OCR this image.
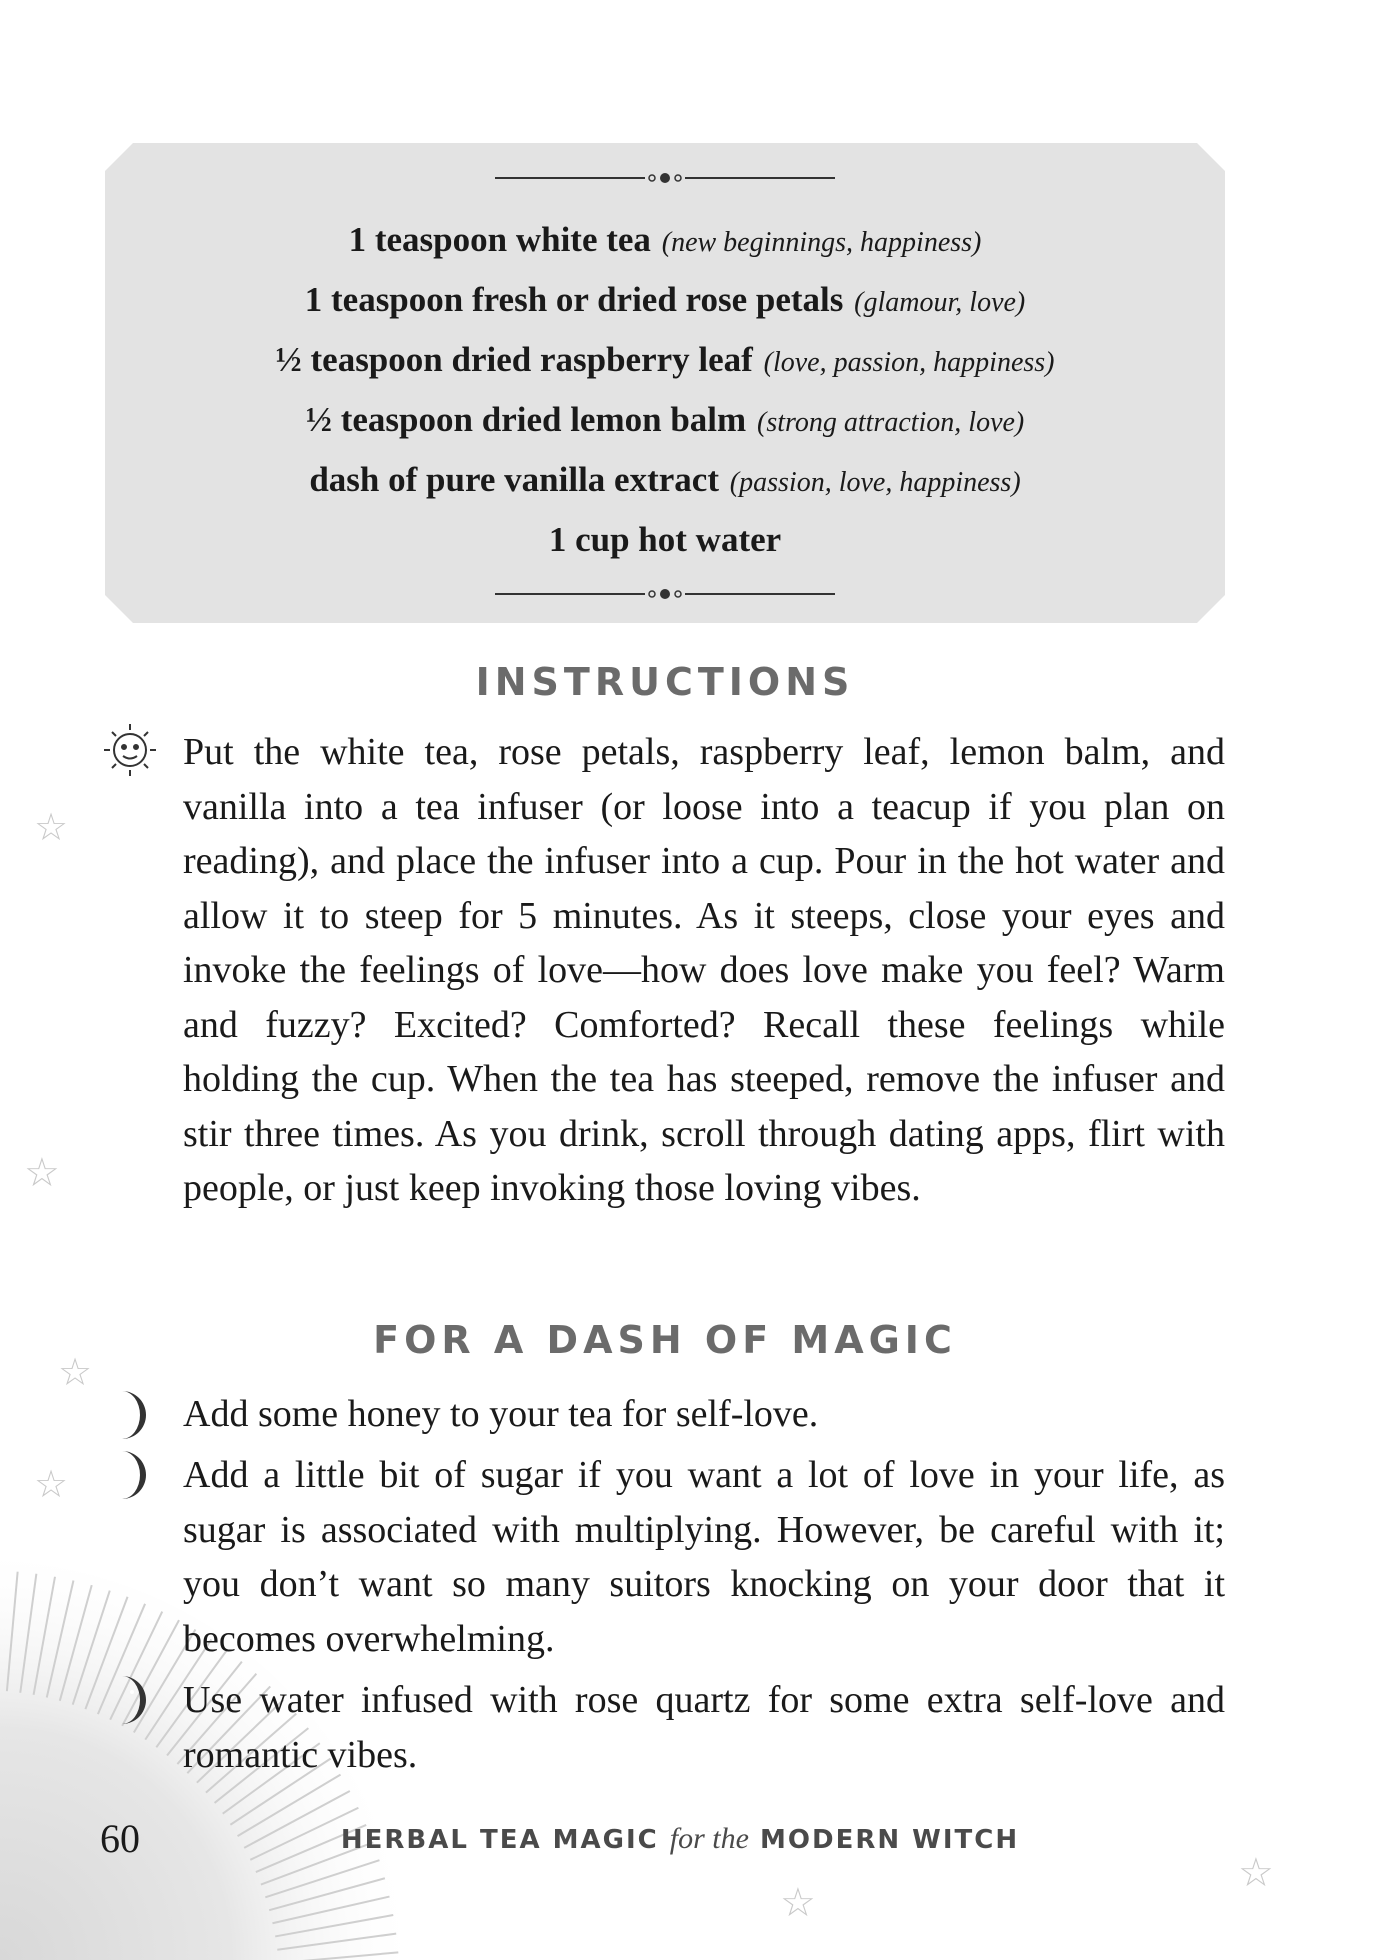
☆
☆
☆
☆
☆
☆
1 teaspoon white tea (new beginnings, happiness)
1 teaspoon fresh or dried rose petals (glamour, love)
½ teaspoon dried raspberry leaf (love, passion, happiness)
½ teaspoon dried lemon balm (strong attraction, love)
dash of pure vanilla extract (passion, love, happiness)
1 cup hot water
INSTRUCTIONS

Put the white tea, rose petals, raspberry leaf, lemon balm, and vanilla into a tea infuser (or loose into a teacup if you plan on reading), and place the infuser into a cup. Pour in the hot water and allow it to steep for 5 minutes. As it steeps, close your eyes and invoke the feelings of love—how does love make you feel? Warm and fuzzy? Excited? Comforted? Recall these feelings while holding the cup. When the tea has steeped, remove the infuser and stir three times. As you drink, scroll through dating apps, flirt with people, or just keep invoking those loving vibes.

FOR A DASH OF MAGIC

Add some honey to your tea for self-love.

Add a little bit of sugar if you want a lot of love in your life, as sugar is associated with multiplying. However, be careful with it; you don’t want so many suitors knocking on your door that it becomes overwhelming.

Use water infused with rose quartz for some extra self-love and romantic vibes.

60	HERBAL TEA MAGIC for the MODERN WITCH
